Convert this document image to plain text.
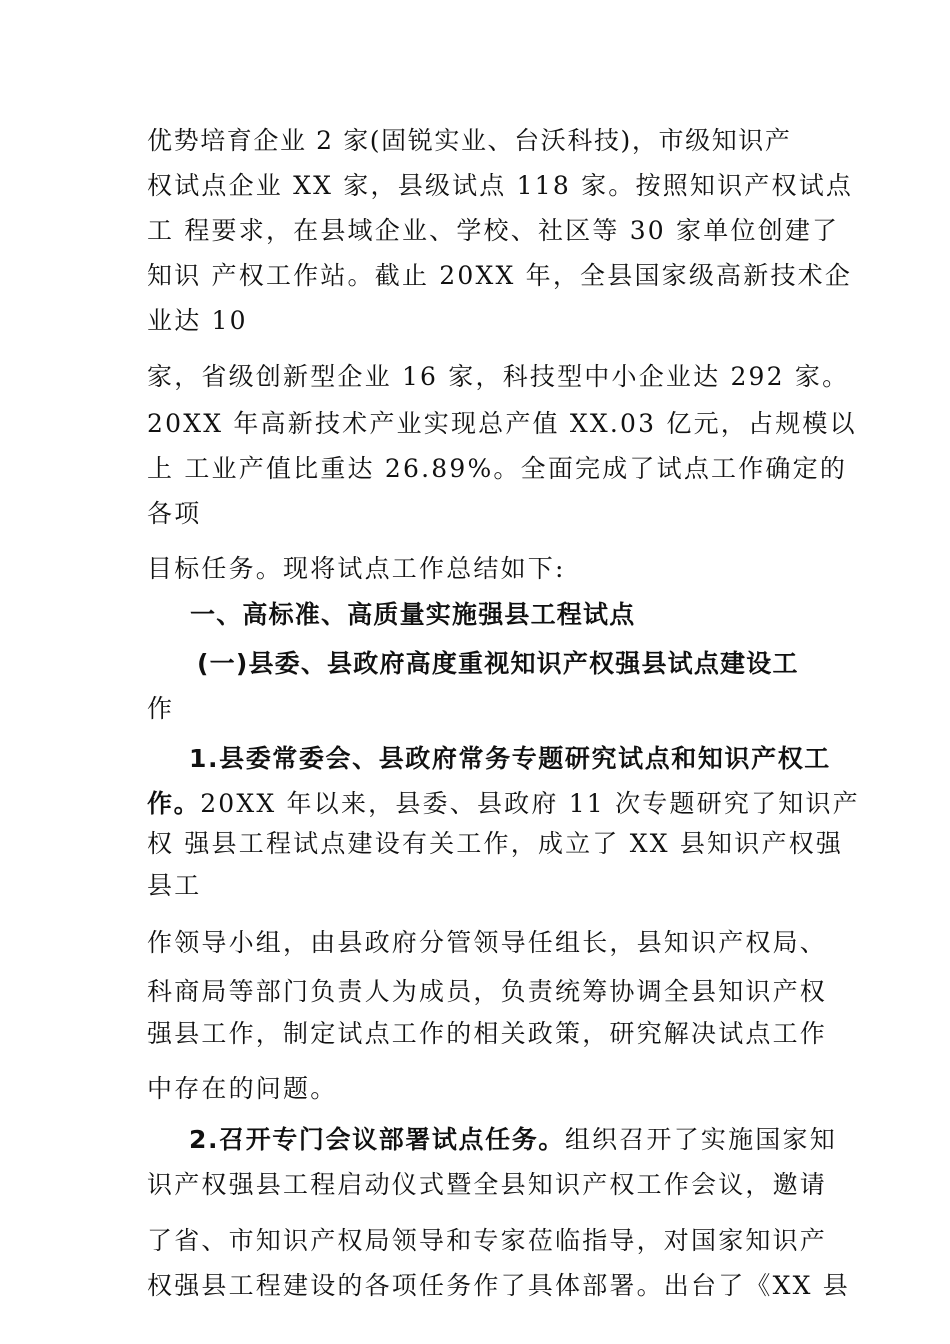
优势培育企业 2 家(固锐实业、台沃科技)，市级知识产
权试点企业 XX 家，县级试点 118 家。按照知识产权试点
工 程要求，在县域企业、学校、社区等 30 家单位创建了
知识 产权工作站。截止 20XX 年，全县国家级高新技术企
业达 10
家，省级创新型企业 16 家，科技型中小企业达 292 家。
20XX 年高新技术产业实现总产值 XX.03 亿元，占规模以
上 工业产值比重达 26.89%。全面完成了试点工作确定的
各项
目标任务。现将试点工作总结如下:
一、高标准、高质量实施强县工程试点
(一)县委、县政府高度重视知识产权强县试点建设工
作
1.县委常委会、县政府常务专题研究试点和知识产权工
作。20XX 年以来，县委、县政府 11 次专题研究了知识产
权 强县工程试点建设有关工作，成立了 XX 县知识产权强
县工
作领导小组，由县政府分管领导任组长，县知识产权局、
科商局等部门负责人为成员，负责统筹协调全县知识产权
强县工作，制定试点工作的相关政策，研究解决试点工作
中存在的问题。
2.召开专门会议部署试点任务。组织召开了实施国家知
识产权强县工程启动仪式暨全县知识产权工作会议，邀请
了省、市知识产权局领导和专家莅临指导，对国家知识产
权强县工程建设的各项任务作了具体部署。出台了《XX 县
